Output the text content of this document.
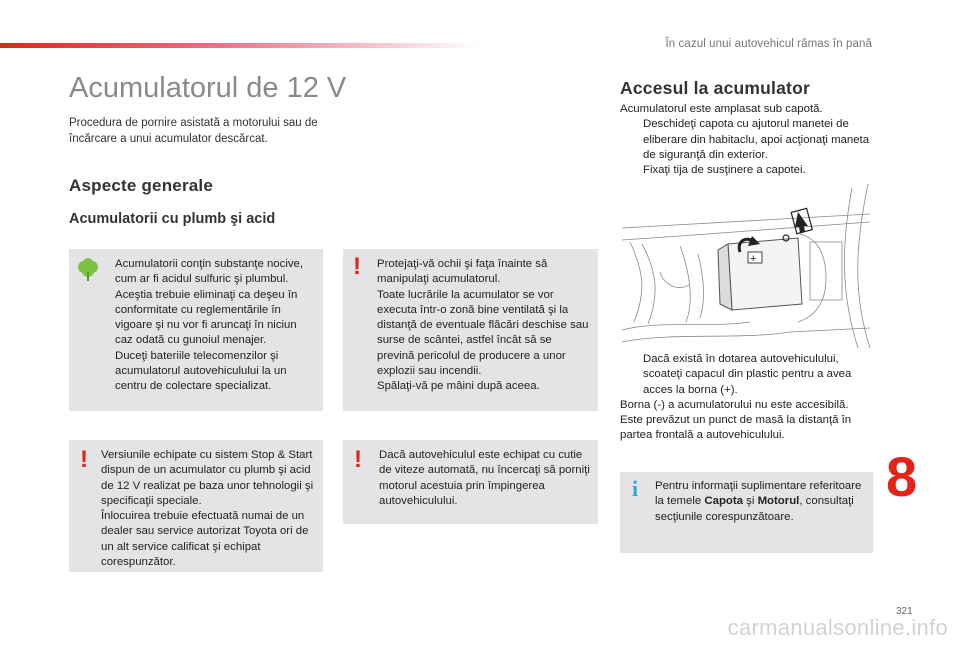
În cazul unui autovehicul rămas în pană
Acumulatorul de 12 V

Procedura de pornire asistată a motorului sau de încărcare a unui acumulator descărcat.

Aspecte generale
Acumulatorii cu plumb şi acid

Acumulatorii conţin substanţe nocive, cum ar fi acidul sulfuric şi plumbul.

Aceştia trebuie eliminaţi ca deşeu în conformitate cu reglementările în vigoare şi nu vor fi aruncaţi în niciun caz odată cu gunoiul menajer.

Duceţi bateriile telecomenzilor şi acumulatorul autovehiculului la un centru de colectare specializat.

! Protejaţi-vă ochii şi faţa înainte să manipulaţi acumulatorul.

Toate lucrările la acumulator se vor executa într-o zonă bine ventilată şi la distanţă de eventuale flăcări deschise sau surse de scântei, astfel încât să se prevină pericolul de producere a unor explozii sau incendii.

Spălaţi-vă pe mâini după aceea.

! Versiunile echipate cu sistem Stop & Start dispun de un acumulator cu plumb şi acid de 12 V realizat pe baza unor tehnologii şi specificaţii speciale.

Înlocuirea trebuie efectuată numai de un dealer sau service autorizat Toyota ori de un alt service calificat şi echipat corespunzător.

! Dacă autovehiculul este echipat cu cutie de viteze automată, nu încercaţi să porniţi motorul acestuia prin împingerea autovehiculului.

Accesul la acumulator

Acumulatorul este amplasat sub capotă.

Deschideţi capota cu ajutorul manetei de eliberare din habitaclu, apoi acţionaţi maneta de siguranţă din exterior.
Fixaţi tija de susţinere a capotei.
+
Dacă există în dotarea autovehiculului, scoateţi capacul din plastic pentru a avea acces la borna (+).

Borna (-) a acumulatorului nu este accesibilă. Este prevăzut un punct de masă la distanţă în partea frontală a autovehiculului.

i Pentru informaţii suplimentare referitoare la temele Capota şi Motorul, consultaţi secţiunile corespunzătoare.

8
321
carmanualsonline.info
